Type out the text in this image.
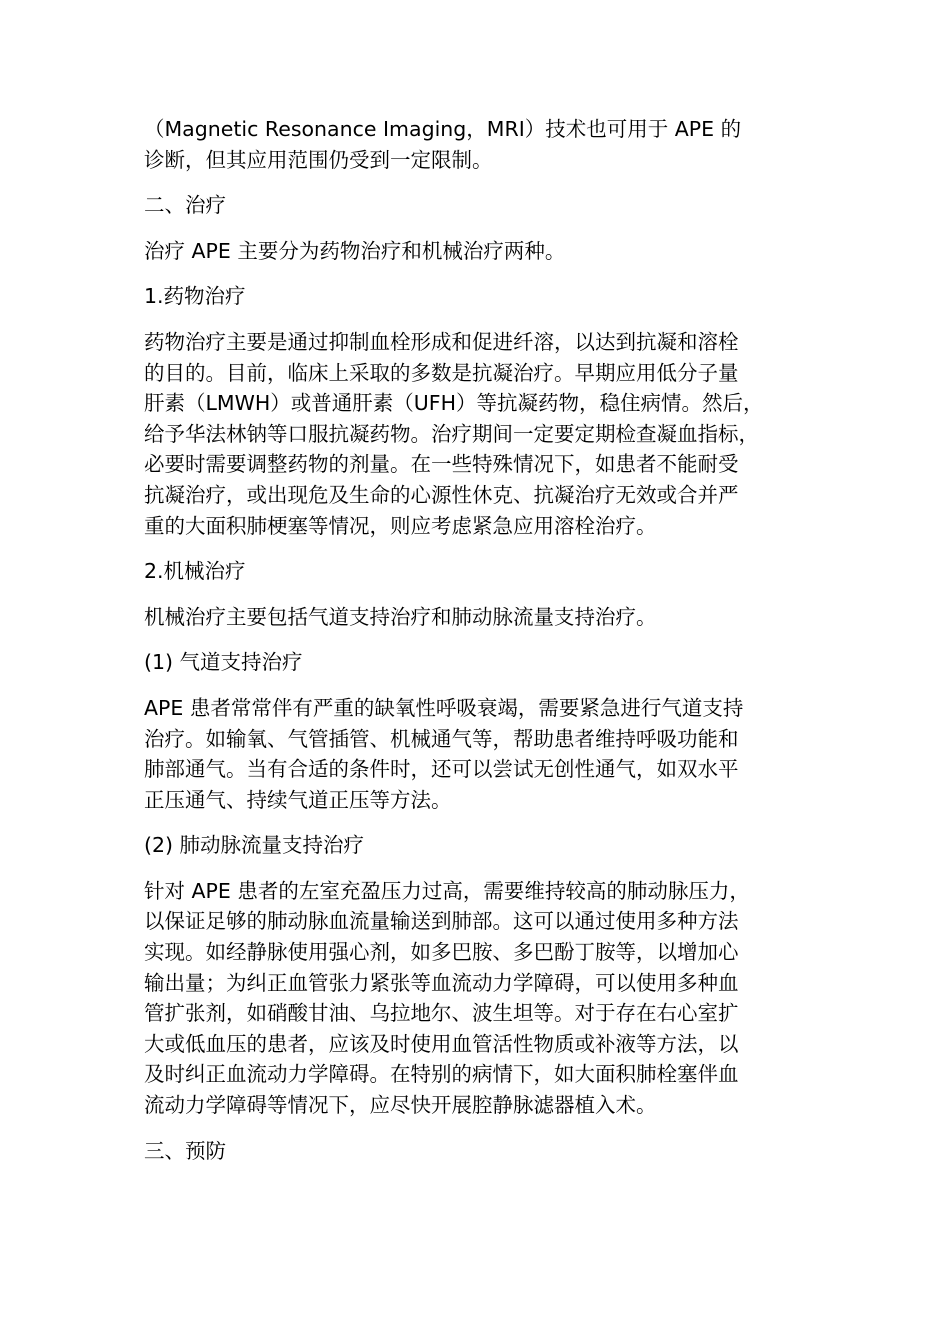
（Magnetic Resonance Imaging，MRI）技术也可用于 APE 的
诊断，但其应用范围仍受到一定限制。

二、治疗

治疗 APE 主要分为药物治疗和机械治疗两种。

1.药物治疗

药物治疗主要是通过抑制血栓形成和促进纤溶，以达到抗凝和溶栓
的目的。目前，临床上采取的多数是抗凝治疗。早期应用低分子量
肝素（LMWH）或普通肝素（UFH）等抗凝药物，稳住病情。然后，
给予华法林钠等口服抗凝药物。治疗期间一定要定期检查凝血指标，
必要时需要调整药物的剂量。在一些特殊情况下，如患者不能耐受
抗凝治疗，或出现危及生命的心源性休克、抗凝治疗无效或合并严
重的大面积肺梗塞等情况，则应考虑紧急应用溶栓治疗。

2.机械治疗

机械治疗主要包括气道支持治疗和肺动脉流量支持治疗。

(1) 气道支持治疗

APE 患者常常伴有严重的缺氧性呼吸衰竭，需要紧急进行气道支持
治疗。如输氧、气管插管、机械通气等，帮助患者维持呼吸功能和
肺部通气。当有合适的条件时，还可以尝试无创性通气，如双水平
正压通气、持续气道正压等方法。

(2) 肺动脉流量支持治疗

针对 APE 患者的左室充盈压力过高，需要维持较高的肺动脉压力，
以保证足够的肺动脉血流量输送到肺部。这可以通过使用多种方法
实现。如经静脉使用强心剂，如多巴胺、多巴酚丁胺等，以增加心
输出量；为纠正血管张力紧张等血流动力学障碍，可以使用多种血
管扩张剂，如硝酸甘油、乌拉地尔、波生坦等。对于存在右心室扩
大或低血压的患者，应该及时使用血管活性物质或补液等方法，以
及时纠正血流动力学障碍。在特别的病情下，如大面积肺栓塞伴血
流动力学障碍等情况下，应尽快开展腔静脉滤器植入术。

三、预防
